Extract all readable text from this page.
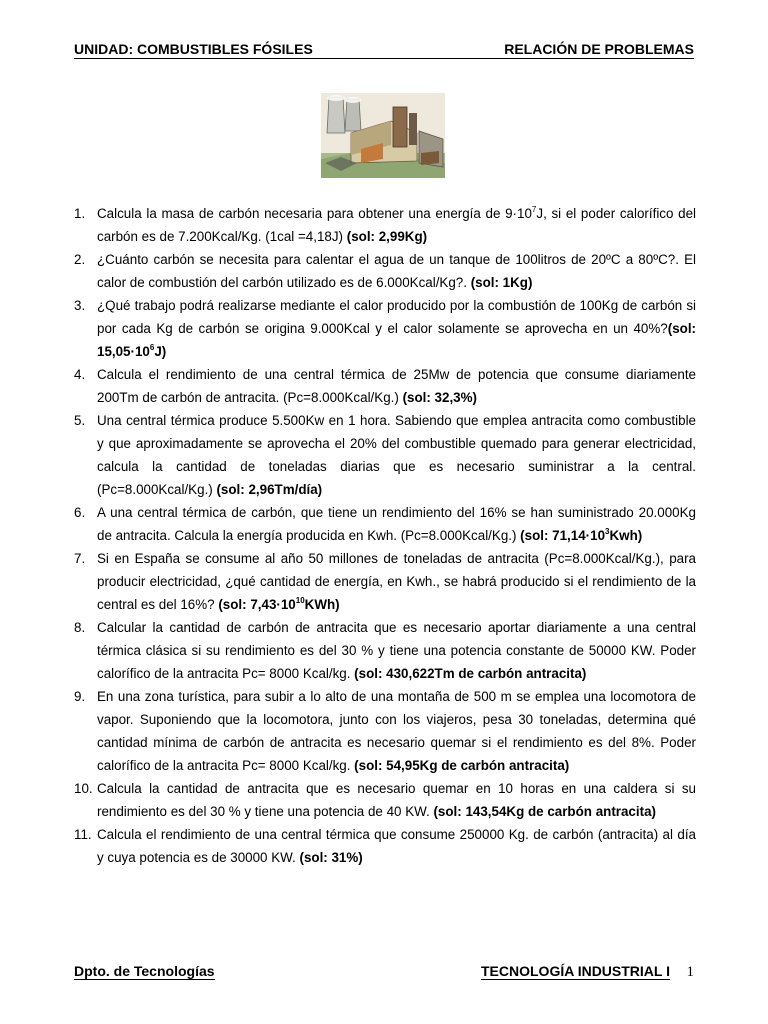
UNIDAD: COMBUSTIBLES FÓSILES	RELACIÓN DE PROBLEMAS
1. Calcula la masa de carbón necesaria para obtener una energía de $9\cdot 10^7J$, si el poder calorífico del carbón es de 7.200Kcal/Kg. (1cal =4,18J) (sol: 2,99Kg)
2. ¿Cuánto carbón se necesita para calentar el agua de un tanque de 100litros de 20ºC a 80ºC?. El calor de combustión del carbón utilizado es de 6.000Kcal/Kg?. (sol: 1Kg)
3. ¿Qué trabajo podrá realizarse mediante el calor producido por la combustión de 100Kg de carbón si por cada Kg de carbón se origina 9.000Kcal y el calor solamente se aprovecha en un 40%?(sol: $15,05\cdot 10^6J$)
4. Calcula el rendimiento de una central térmica de 25Mw de potencia que consume diariamente 200Tm de carbón de antracita. (Pc=8.000Kcal/Kg.) (sol: 32,3%)
5. Una central térmica produce 5.500Kw en 1 hora. Sabiendo que emplea antracita como combustible y que aproximadamente se aprovecha el 20% del combustible quemado para generar electricidad, calcula la cantidad de toneladas diarias que es necesario suministrar a la central. (Pc=8.000Kcal/Kg.) (sol: 2,96Tm/día)
6. A una central térmica de carbón, que tiene un rendimiento del 16% se han suministrado 20.000Kg de antracita. Calcula la energía producida en Kwh. (Pc=8.000Kcal/Kg.) (sol: $71,14\cdot 10^3Kwh$)
7. Si en España se consume al año 50 millones de toneladas de antracita (Pc=8.000Kcal/Kg.), para producir electricidad, ¿qué cantidad de energía, en Kwh., se habrá producido si el rendimiento de la central es del 16%? (sol: $7,43\cdot 10^{10}KWh$)
8. Calcular la cantidad de carbón de antracita que es necesario aportar diariamente a una central térmica clásica si su rendimiento es del 30 % y tiene una potencia constante de 50000 KW. Poder calorífico de la antracita Pc= 8000 Kcal/kg. (sol: 430,622Tm de carbón antracita)
9. En una zona turística, para subir a lo alto de una montaña de 500 m se emplea una locomotora de vapor. Suponiendo que la locomotora, junto con los viajeros, pesa 30 toneladas, determina qué cantidad mínima de carbón de antracita es necesario quemar si el rendimiento es del 8%. Poder calorífico de la antracita Pc= 8000 Kcal/kg. (sol: 54,95Kg de carbón antracita)
10. Calcula la cantidad de antracita que es necesario quemar en 10 horas en una caldera si su rendimiento es del 30 % y tiene una potencia de 40 KW. (sol: 143,54Kg de carbón antracita)
11. Calcula el rendimiento de una central térmica que consume 250000 Kg. de carbón (antracita) al día y cuya potencia es de 30000 KW. (sol: 31%)
Dpto. de Tecnologías	TECNOLOGÍA INDUSTRIAL I 1
